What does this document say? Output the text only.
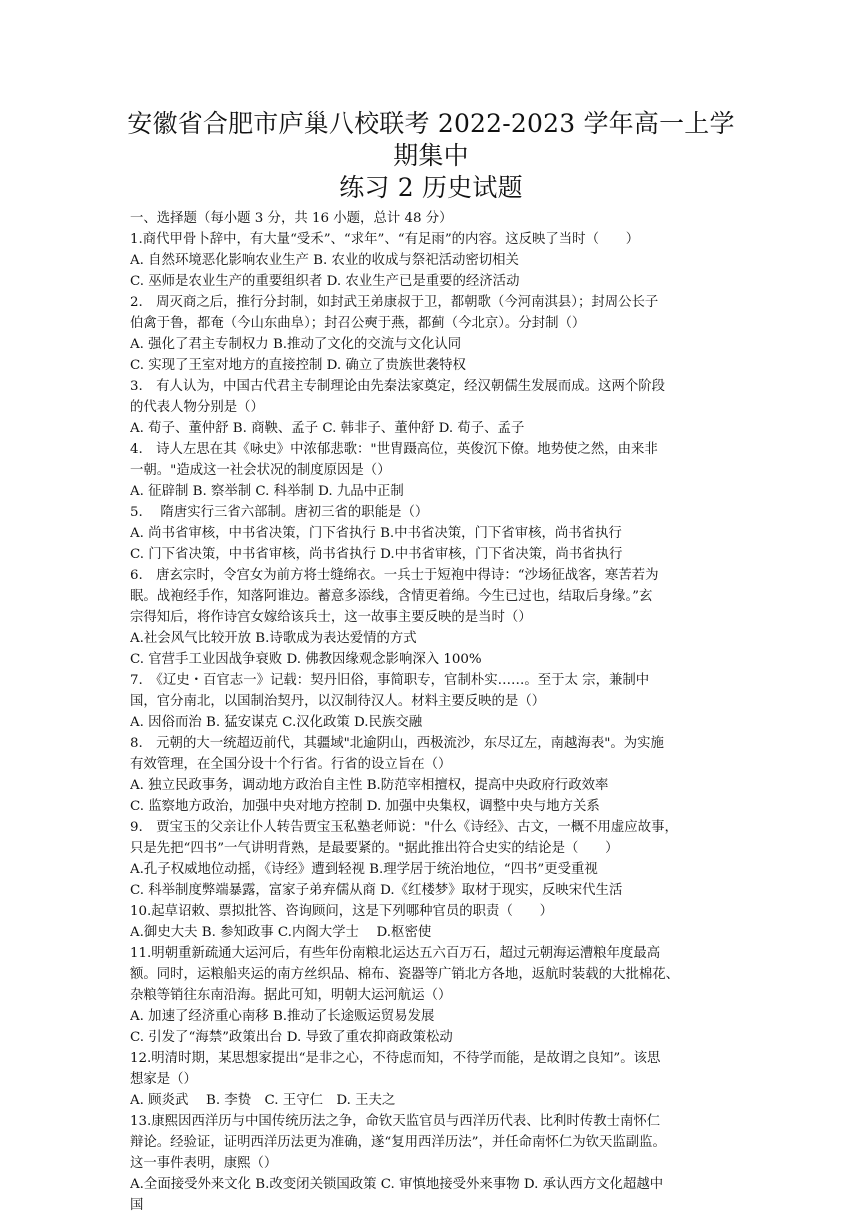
安徽省合肥市庐巢八校联考 2022-2023 学年高一上学期集中
练习 2 历史试题
一、选择题（每小题 3 分，共 16 小题，总计 48 分）
1.商代甲骨卜辞中，有大量“受禾”、“求年”、“有足雨”的内容。这反映了当时（　　）
A. 自然环境恶化影响农业生产 B. 农业的收成与祭祀活动密切相关
C. 巫师是农业生产的重要组织者 D. 农业生产已是重要的经济活动
2.　周灭商之后，推行分封制，如封武王弟康叔于卫，都朝歌（今河南淇县）；封周公长子
伯禽于鲁，都奄（今山东曲阜）；封召公奭于燕，都蓟（今北京）。分封制（）
A. 强化了君主专制权力 B.推动了文化的交流与文化认同
C. 实现了王室对地方的直接控制 D. 确立了贵族世袭特权
3.　有人认为，中国古代君主专制理论由先秦法家奠定，经汉朝儒生发展而成。这两个阶段
的代表人物分别是（）
A. 荀子、董仲舒 B. 商鞅、孟子 C. 韩非子、董仲舒 D. 荀子、孟子
4.　诗人左思在其《咏史》中浓郁悲歌："世胄蹑高位，英俊沉下僚。地势使之然，由来非
一朝。"造成这一社会状况的制度原因是（）
A. 征辟制 B. 察举制 C. 科举制 D. 九品中正制
5.　 隋唐实行三省六部制。唐初三省的职能是（）
A. 尚书省审核，中书省决策，门下省执行 B.中书省决策，门下省审核，尚书省执行
C. 门下省决策，中书省审核，尚书省执行 D.中书省审核，门下省决策，尚书省执行
6.　唐玄宗时，令宫女为前方将士缝绵衣。一兵士于短袍中得诗：“沙场征战客，寒苦若为
眠。战袍经手作，知落阿谁边。蓄意多添线，含情更着绵。今生已过也，结取后身缘。”玄
宗得知后，将作诗宫女嫁给该兵士，这一故事主要反映的是当时（）
A.社会风气比较开放 B.诗歌成为表达爱情的方式
C. 官营手工业因战争衰败 D. 佛教因缘观念影响深入 100%
7.　《辽史・百官志一》记载：契丹旧俗，事简职专，官制朴实……。至于太 宗，兼制中
国，官分南北，以国制治契丹，以汉制待汉人。材料主要反映的是（）
A. 因俗而治 B. 猛安谋克 C.汉化政策 D.民族交融
8.　元朝的大一统超迈前代，其疆域"北逾阴山，西极流沙，东尽辽左，南越海表"。为实施
有效管理，在全国分设十个行省。行省的设立旨在（）
A. 独立民政事务，调动地方政治自主性 B.防范宰相擅权，提高中央政府行政效率
C. 监察地方政治，加强中央对地方控制 D. 加强中央集权，调整中央与地方关系
9.　贾宝玉的父亲让仆人转告贾宝玉私塾老师说："什么《诗经》、古文，一概不用虚应故事，
只是先把“四书”一气讲明背熟，是最要紧的。"据此推出符合史实的结论是（　　）
A.孔子权威地位动摇，《诗经》遭到轻视 B.理学居于统治地位，“四书”更受重视
C. 科举制度弊端暴露，富家子弟弃儒从商 D.《红楼梦》取材于现实，反映宋代生活
10.起草诏敕、票拟批答、咨询顾问，这是下列哪种官员的职责（　　）
A.御史大夫 B. 参知政事 C.内阁大学士　 D.枢密使
11.明朝重新疏通大运河后，有些年份南粮北运达五六百万石，超过元朝海运漕粮年度最高
额。同时，运粮船夹运的南方丝织品、棉布、瓷器等广销北方各地，返航时装载的大批棉花、
杂粮等销往东南沿海。据此可知，明朝大运河航运（）
A. 加速了经济重心南移 B.推动了长途贩运贸易发展
C. 引发了“海禁”政策出台 D. 导致了重农抑商政策松动
12.明清时期，某思想家提出“是非之心，不待虑而知，不待学而能，是故谓之良知”。该思
想家是（）
A. 顾炎武　 B. 李贽　C. 王守仁　D. 王夫之
13.康熙因西洋历与中国传统历法之争，命钦天监官员与西洋历代表、比利时传教士南怀仁
辩论。经验证，证明西洋历法更为准确，遂“复用西洋历法”，并任命南怀仁为钦天监副监。
这一事件表明，康熙（）
A.全面接受外来文化 B.改变闭关锁国政策 C. 审慎地接受外来事物 D. 承认西方文化超越中
国
